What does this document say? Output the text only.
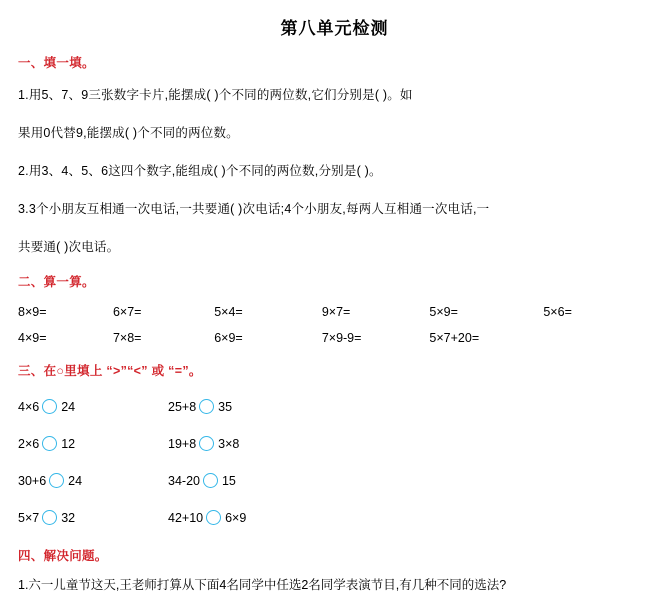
第八单元检测
一、填一填。
1.用5、7、9三张数字卡片,能摆成( )个不同的两位数,它们分别是( )。如
果用0代替9,能摆成( )个不同的两位数。
2.用3、4、5、6这四个数字,能组成( )个不同的两位数,分别是( )。
3.3个小朋友互相通一次电话,一共要通( )次电话;4个小朋友,每两人互相通一次电话,一
共要通( )次电话。
二、算一算。
8×9=	6×7=	5×4=	9×7=	5×9=	5×6=
4×9=	7×8=	6×9=	7×9-9=	5×7+20=
三、在○里填上 “>”“<” 或 “=”。
4×6 24	25+8 35
2×6 12	19+8 3×8
30+6 24	34-20 15
5×7 32	42+10 6×9
四、解决问题。
1.六一儿童节这天,王老师打算从下面4名同学中任选2名同学表演节目,有几种不同的选法?
